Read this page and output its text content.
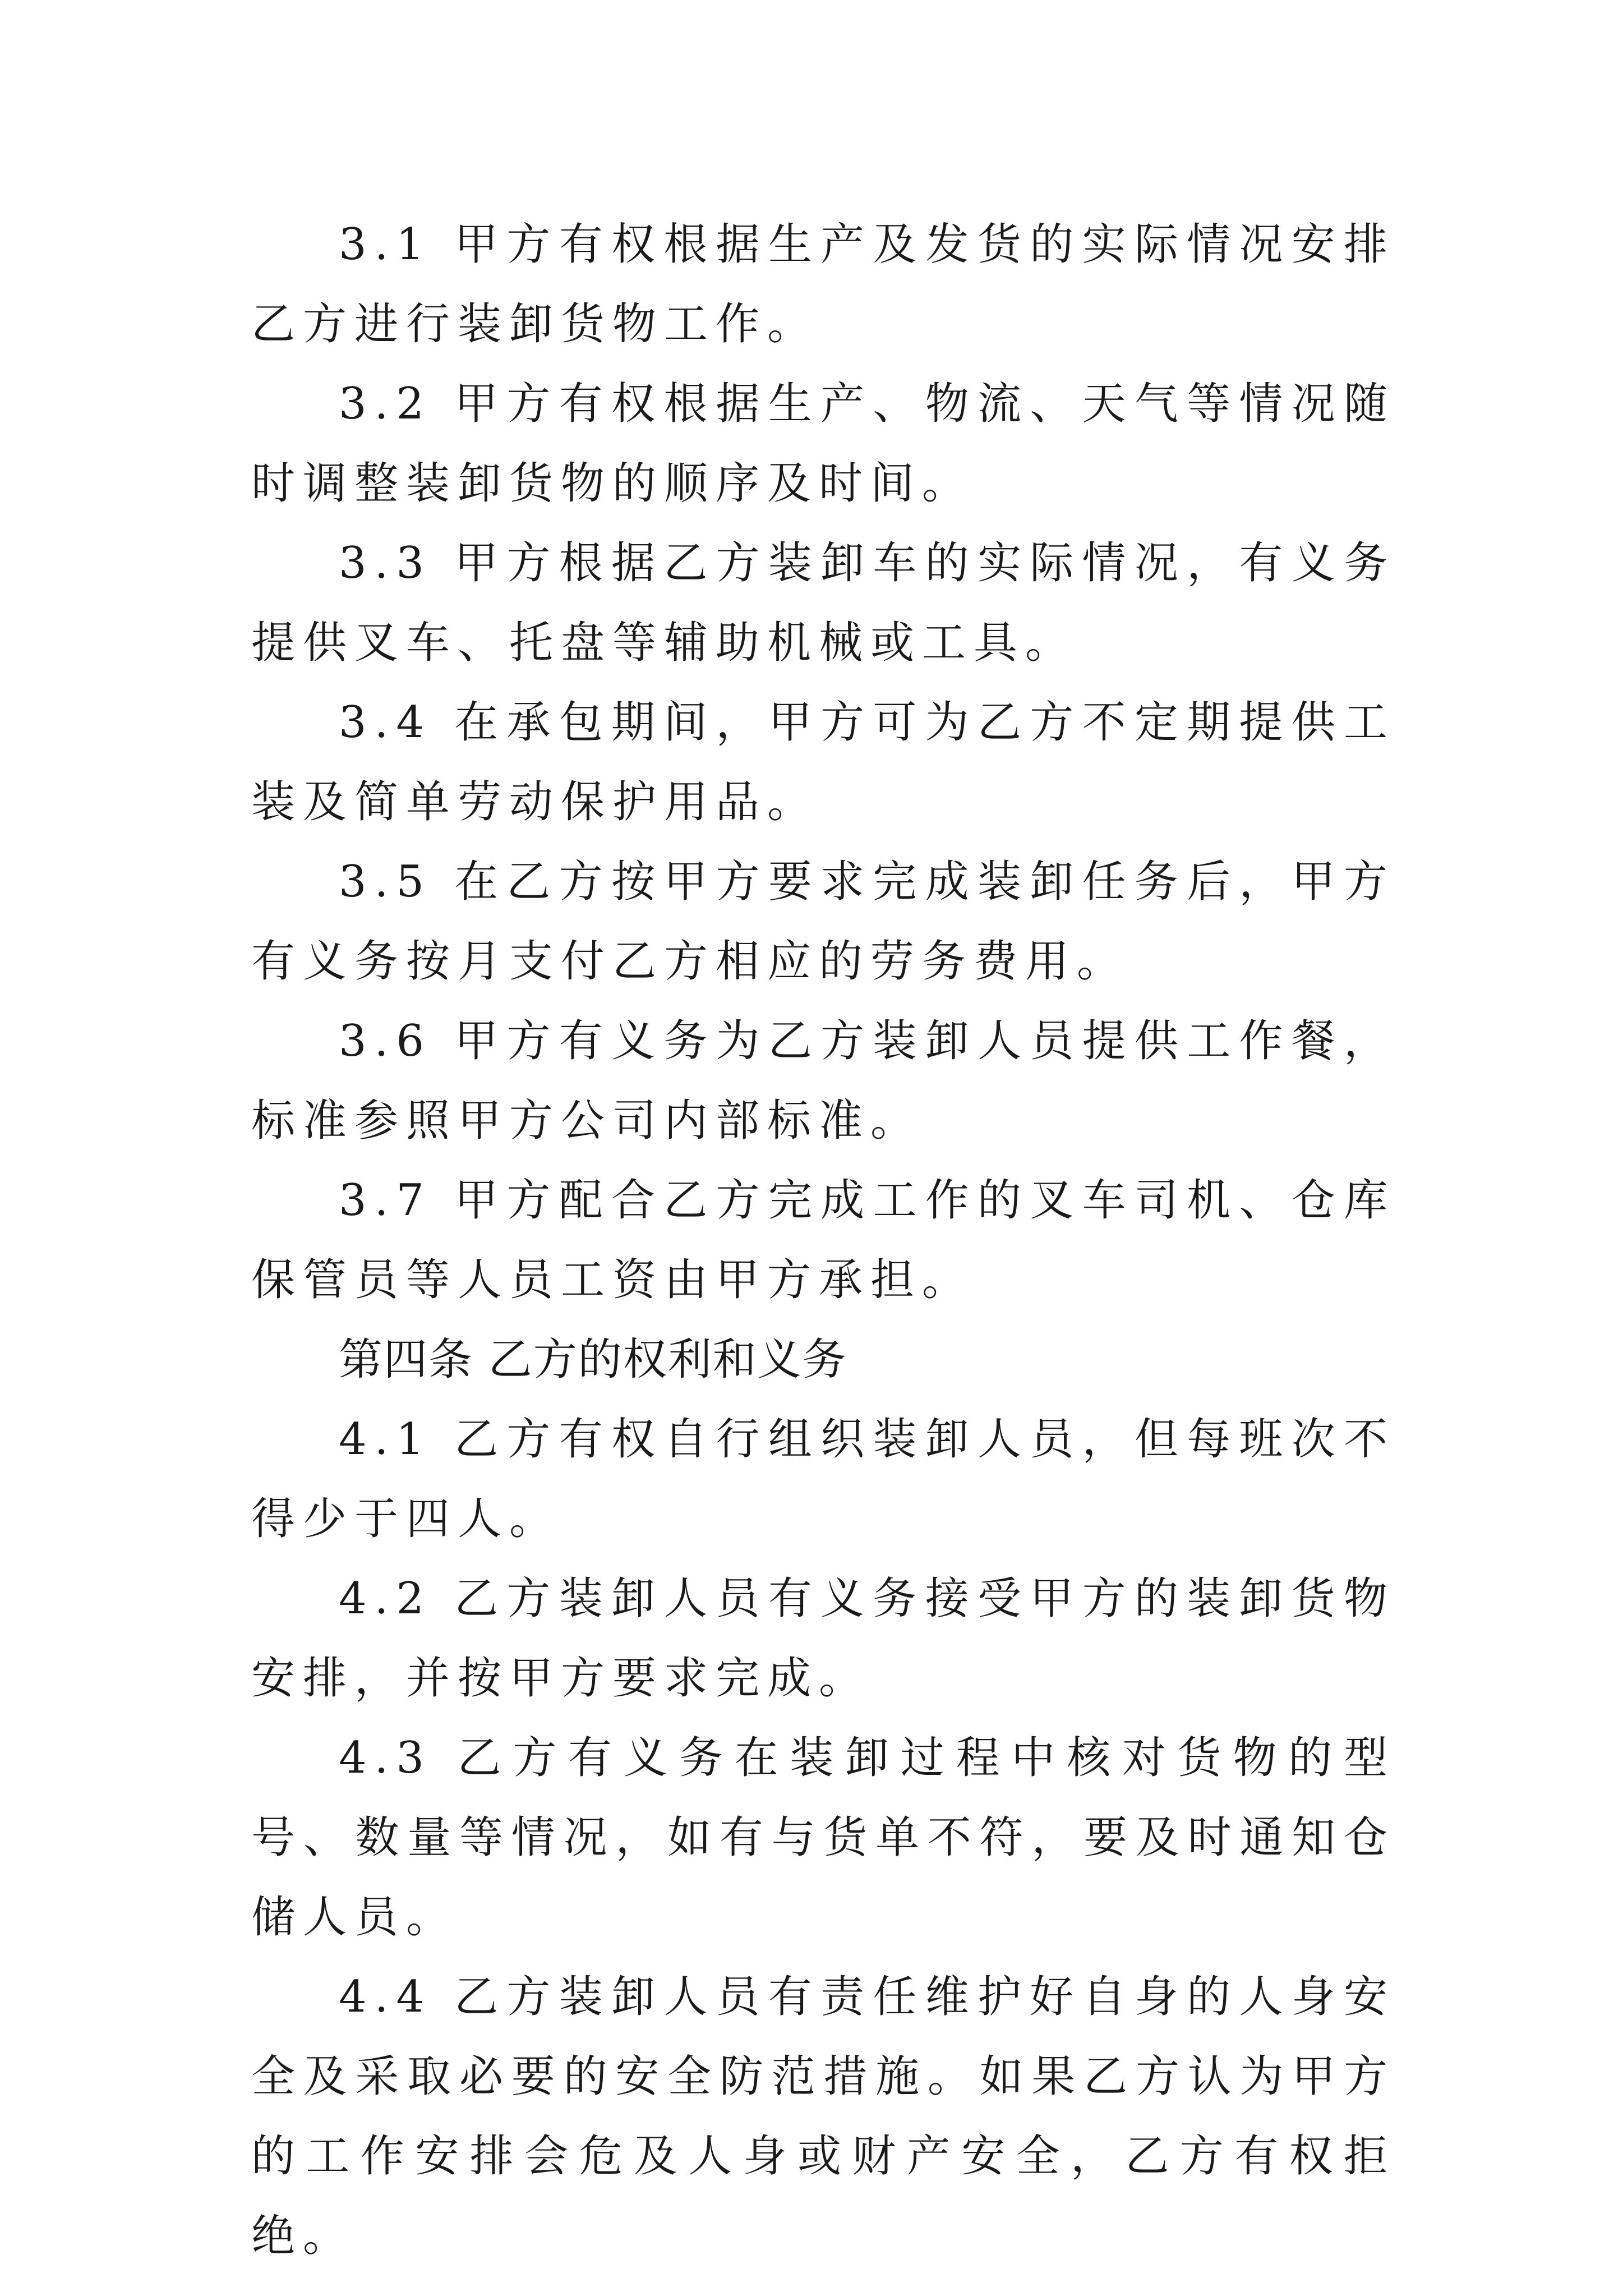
3.1 甲方有权根据生产及发货的实际情况安排乙方进行装卸货物工作。

3.2 甲方有权根据生产、物流、天气等情况随时调整装卸货物的顺序及时间。

3.3 甲方根据乙方装卸车的实际情况，有义务提供叉车、托盘等辅助机械或工具。

3.4 在承包期间，甲方可为乙方不定期提供工装及简单劳动保护用品。

3.5 在乙方按甲方要求完成装卸任务后，甲方有义务按月支付乙方相应的劳务费用。

3.6 甲方有义务为乙方装卸人员提供工作餐，标准参照甲方公司内部标准。

3.7 甲方配合乙方完成工作的叉车司机、仓库保管员等人员工资由甲方承担。

第四条 乙方的权利和义务

4.1 乙方有权自行组织装卸人员，但每班次不得少于四人。

4.2 乙方装卸人员有义务接受甲方的装卸货物安排，并按甲方要求完成。

4.3 乙方有义务在装卸过程中核对货物的型号、数量等情况，如有与货单不符，要及时通知仓储人员。

4.4 乙方装卸人员有责任维护好自身的人身安全及采取必要的安全防范措施。如果乙方认为甲方的工作安排会危及人身或财产安全，乙方有权拒绝。
